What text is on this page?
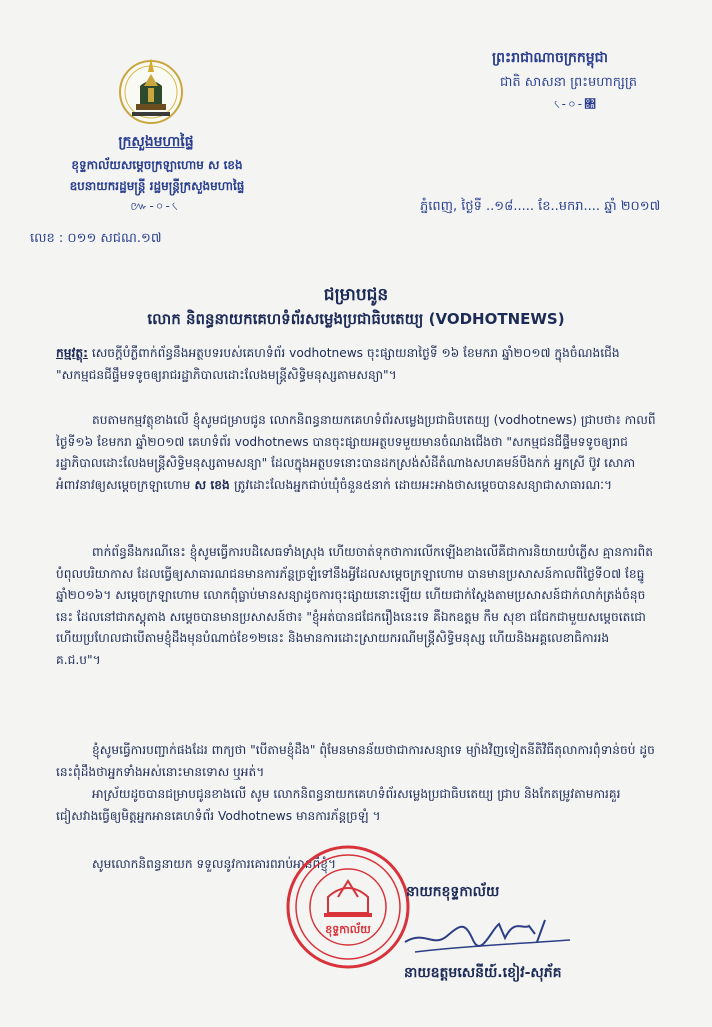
ក្រសួងមហាផ្ទៃ
ខុទ្ទកាល័យសម្ដេចក្រឡាហោម ស ខេង
ឧបនាយករដ្ឋមន្រ្តី រដ្ឋមន្រ្តីក្រសួងមហាផ្ទៃ
៚-০-৻
លេខ : ០១១ សជណ.១៧
ព្រះរាជាណាចក្រកម្ពុជា
ជាតិ សាសនា ព្រះមហាក្សត្រ
৻-০-৚
ភ្នំពេញ, ថ្ងៃទី ..១៨..... ខែ..មករា.... ឆ្នាំ ២០១៧
ជម្រាបជូន
លោក និពន្ធនាយកគេហទំព័រសម្លេងប្រជាធិបតេយ្យ (VODHOTNEWS)
កម្មវត្ថុ: សេចក្តីបំភ្លឺពាក់ព័ន្ធនឹងអត្ថបទរបស់គេហទំព័រ vodhotnews ចុះផ្សាយនាថ្ងៃទី ១៦ ខែមករា ឆ្នាំ២០១៧ ក្នុងចំណងជើង "សកម្មជនជីផ្ទឹមទទូចឲ្យរាជរដ្ឋាភិបាលដោះលែងមន្ត្រីសិទ្ធិមនុស្សតាមសន្យា"។
តបតាមកម្មវត្ថុខាងលើ ខ្ញុំសូមជម្រាបជូន លោកនិពន្ធនាយកគេហទំព័រសម្លេងប្រជាធិបតេយ្យ (vodhotnews) ជ្រាបថា៖ កាលពីថ្ងៃទី១៦ ខែមករា ឆ្នាំ២០១៧ គេហទំព័រ vodhotnews បានចុះផ្សាយអត្ថបទមួយមានចំណងជើងថា "សកម្មជនជីផ្ទឹមទទូចឲ្យរាជរដ្ឋាភិបាលដោះលែងមន្ត្រីសិទ្ធិមនុស្សតាមសន្យា" ដែលក្នុងអត្ថបទនោះបានដកស្រង់សំដីតំណាងសហគមន៍បឹងកក់ អ្នកស្រី ប៊ូវ សោភា អំពាវនាវឲ្យសម្តេចក្រឡាហោម ស ខេង ត្រូវដោះលែងអ្នកជាប់ឃុំចំនួន៥នាក់ ដោយអះអាងថាសម្តេចបានសន្យាជាសាធារណៈ។
ពាក់ព័ន្ធនឹងករណីនេះ ខ្ញុំសូមធ្វើការបដិសេធទាំងស្រុង ហើយចាត់ទុកថាការលើកឡើងខាងលើគឺជាការនិយាយបំភ្លើស គ្មានការពិត បំពុលបរិយាកាស ដែលធ្វើឲ្យសាធារណជនមានការភ័ន្តច្រឡំទៅនឹងអ្វីដែលសម្តេចក្រឡាហោម បានមានប្រសាសន៍កាលពីថ្ងៃទី០៧ ខែធ្នូ ឆ្នាំ២០១៦។ សម្តេចក្រឡាហោម លោកពុំធ្លាប់មានសន្យាដូចការចុះផ្សាយនោះឡើយ ហើយជាក់ស្តែងតាមប្រសាសន៍ជាក់លាក់ត្រង់ចំនុចនេះ ដែលនៅជាភស្តុតាង សម្តេចបានមានប្រសាសន៍ថា៖ "ខ្ញុំអត់បានជជែករឿងនេះទេ គឺឯកឧត្តម កឹម សុខា ជជែកជាមួយសម្តេចតេជោ ហើយប្រហែលជាបើតាមខ្ញុំដឹងមុនបំណាច់ខែ១២នេះ និងមានការដោះស្រាយករណីមន្ត្រីសិទ្ធិមនុស្ស ហើយនិងអគ្គលេខាធិការរង គ.ជ.ប"។
ខ្ញុំសូមធ្វើការបញ្ជាក់ផងដែរ ពាក្យថា "បើតាមខ្ញុំដឹង" ពុំមែនមានន័យថាជាការសន្យាទេ ម្យ៉ាងវិញទៀតនីតិវិធីតុលាការពុំទាន់ចប់ ដូចនេះពុំដឹងថាអ្នកទាំងអស់នោះមានទោស ឬអត់។
អាស្រ័យដូចបានជម្រាបជូនខាងលើ សូម លោកនិពន្ធនាយកគេហទំព័រសម្លេងប្រជាធិបតេយ្យ ជ្រាប និងកែតម្រូវតាមការគួរ ជៀសវាងធ្វើឲ្យមិត្តអ្នកអានគេហទំព័រ Vodhotnews មានការភ័ន្តច្រឡំ ។
សូមលោកនិពន្ធនាយក ទទួលនូវការគោរពរាប់អានពីខ្ញុំ។
ខុទ្ទកាល័យ
នាយកខុទ្ទកាល័យ
នាយឧត្តមសេនីយ៍.ខៀវ-សុភ័គ
